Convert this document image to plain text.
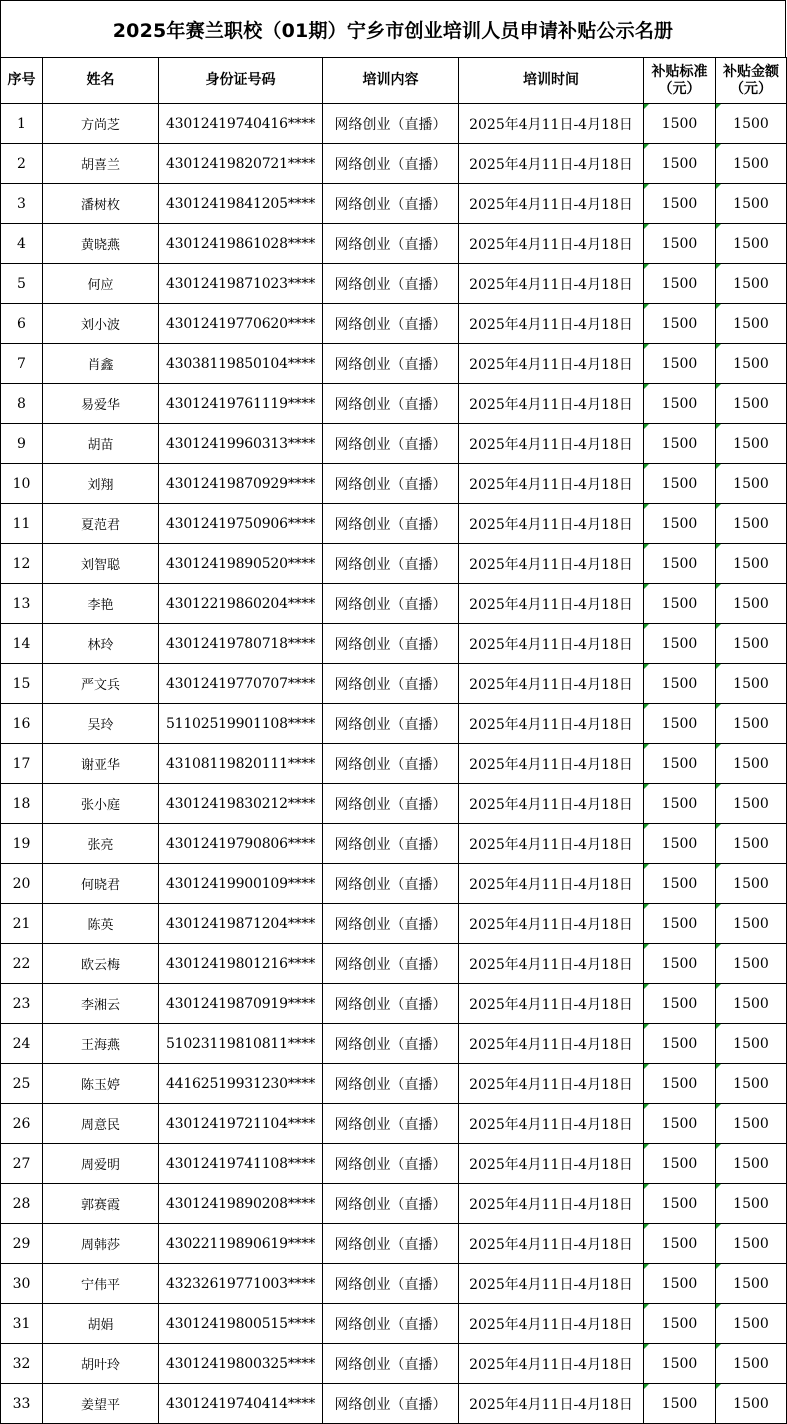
2025年赛兰职校（01期）宁乡市创业培训人员申请补贴公示名册
序号	姓名	身份证号码	培训内容	培训时间	补贴标准（元）	补贴金额（元）
1	方尚芝	43012419740416****	网络创业（直播）	2025年4月11日-4月18日	1500	1500
2	胡喜兰	43012419820721****	网络创业（直播）	2025年4月11日-4月18日	1500	1500
3	潘树枚	43012419841205****	网络创业（直播）	2025年4月11日-4月18日	1500	1500
4	黄晓燕	43012419861028****	网络创业（直播）	2025年4月11日-4月18日	1500	1500
5	何应	43012419871023****	网络创业（直播）	2025年4月11日-4月18日	1500	1500
6	刘小波	43012419770620****	网络创业（直播）	2025年4月11日-4月18日	1500	1500
7	肖鑫	43038119850104****	网络创业（直播）	2025年4月11日-4月18日	1500	1500
8	易爱华	43012419761119****	网络创业（直播）	2025年4月11日-4月18日	1500	1500
9	胡苗	43012419960313****	网络创业（直播）	2025年4月11日-4月18日	1500	1500
10	刘翔	43012419870929****	网络创业（直播）	2025年4月11日-4月18日	1500	1500
11	夏范君	43012419750906****	网络创业（直播）	2025年4月11日-4月18日	1500	1500
12	刘智聪	43012419890520****	网络创业（直播）	2025年4月11日-4月18日	1500	1500
13	李艳	43012219860204****	网络创业（直播）	2025年4月11日-4月18日	1500	1500
14	林玲	43012419780718****	网络创业（直播）	2025年4月11日-4月18日	1500	1500
15	严文兵	43012419770707****	网络创业（直播）	2025年4月11日-4月18日	1500	1500
16	吴玲	51102519901108****	网络创业（直播）	2025年4月11日-4月18日	1500	1500
17	谢亚华	43108119820111****	网络创业（直播）	2025年4月11日-4月18日	1500	1500
18	张小庭	43012419830212****	网络创业（直播）	2025年4月11日-4月18日	1500	1500
19	张亮	43012419790806****	网络创业（直播）	2025年4月11日-4月18日	1500	1500
20	何晓君	43012419900109****	网络创业（直播）	2025年4月11日-4月18日	1500	1500
21	陈英	43012419871204****	网络创业（直播）	2025年4月11日-4月18日	1500	1500
22	欧云梅	43012419801216****	网络创业（直播）	2025年4月11日-4月18日	1500	1500
23	李湘云	43012419870919****	网络创业（直播）	2025年4月11日-4月18日	1500	1500
24	王海燕	51023119810811****	网络创业（直播）	2025年4月11日-4月18日	1500	1500
25	陈玉婷	44162519931230****	网络创业（直播）	2025年4月11日-4月18日	1500	1500
26	周意民	43012419721104****	网络创业（直播）	2025年4月11日-4月18日	1500	1500
27	周爱明	43012419741108****	网络创业（直播）	2025年4月11日-4月18日	1500	1500
28	郭赛霞	43012419890208****	网络创业（直播）	2025年4月11日-4月18日	1500	1500
29	周韩莎	43022119890619****	网络创业（直播）	2025年4月11日-4月18日	1500	1500
30	宁伟平	43232619771003****	网络创业（直播）	2025年4月11日-4月18日	1500	1500
31	胡娟	43012419800515****	网络创业（直播）	2025年4月11日-4月18日	1500	1500
32	胡叶玲	43012419800325****	网络创业（直播）	2025年4月11日-4月18日	1500	1500
33	姜望平	43012419740414****	网络创业（直播）	2025年4月11日-4月18日	1500	1500
